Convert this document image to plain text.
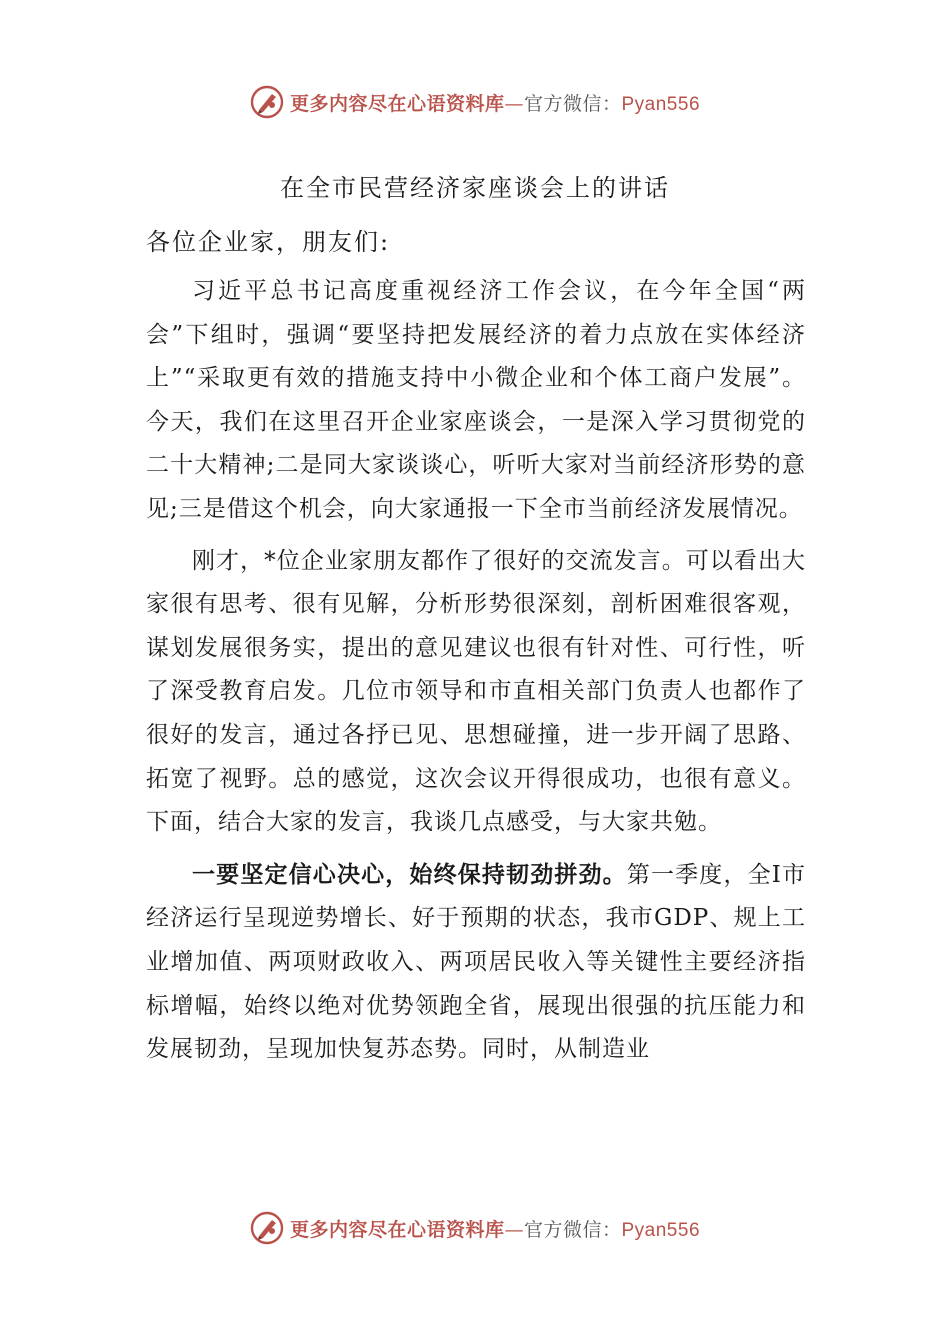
更多内容尽在心语资料库—官方微信：Pyan556
在全市民营经济家座谈会上的讲话
各位企业家，朋友们:

习近平总书记高度重视经济工作会议，在今年全国“两会”下组时，强调“要坚持把发展经济的着力点放在实体经济上”“采取更有效的措施支持中小微企业和个体工商户发展”。今天，我们在这里召开企业家座谈会，一是深入学习贯彻党的二十大精神;二是同大家谈谈心，听听大家对当前经济形势的意见;三是借这个机会，向大家通报一下全市当前经济发展情况。

刚才，*位企业家朋友都作了很好的交流发言。可以看出大家很有思考、很有见解，分析形势很深刻，剖析困难很客观，谋划发展很务实，提出的意见建议也很有针对性、可行性，听了深受教育启发。几位市领导和市直相关部门负责人也都作了很好的发言，通过各抒已见、思想碰撞，进一步开阔了思路、拓宽了视野。总的感觉，这次会议开得很成功，也很有意义。下面，结合大家的发言，我谈几点感受，与大家共勉。

一要坚定信心决心，始终保持韧劲拼劲。第一季度，全I市经济运行呈现逆势增长、好于预期的状态，我市GDP、规上工业增加值、两项财政收入、两项居民收入等关键性主要经济指标增幅，始终以绝对优势领跑全省，展现出很强的抗压能力和发展韧劲，呈现加快复苏态势。同时，从制造业

更多内容尽在心语资料库—官方微信：Pyan556
